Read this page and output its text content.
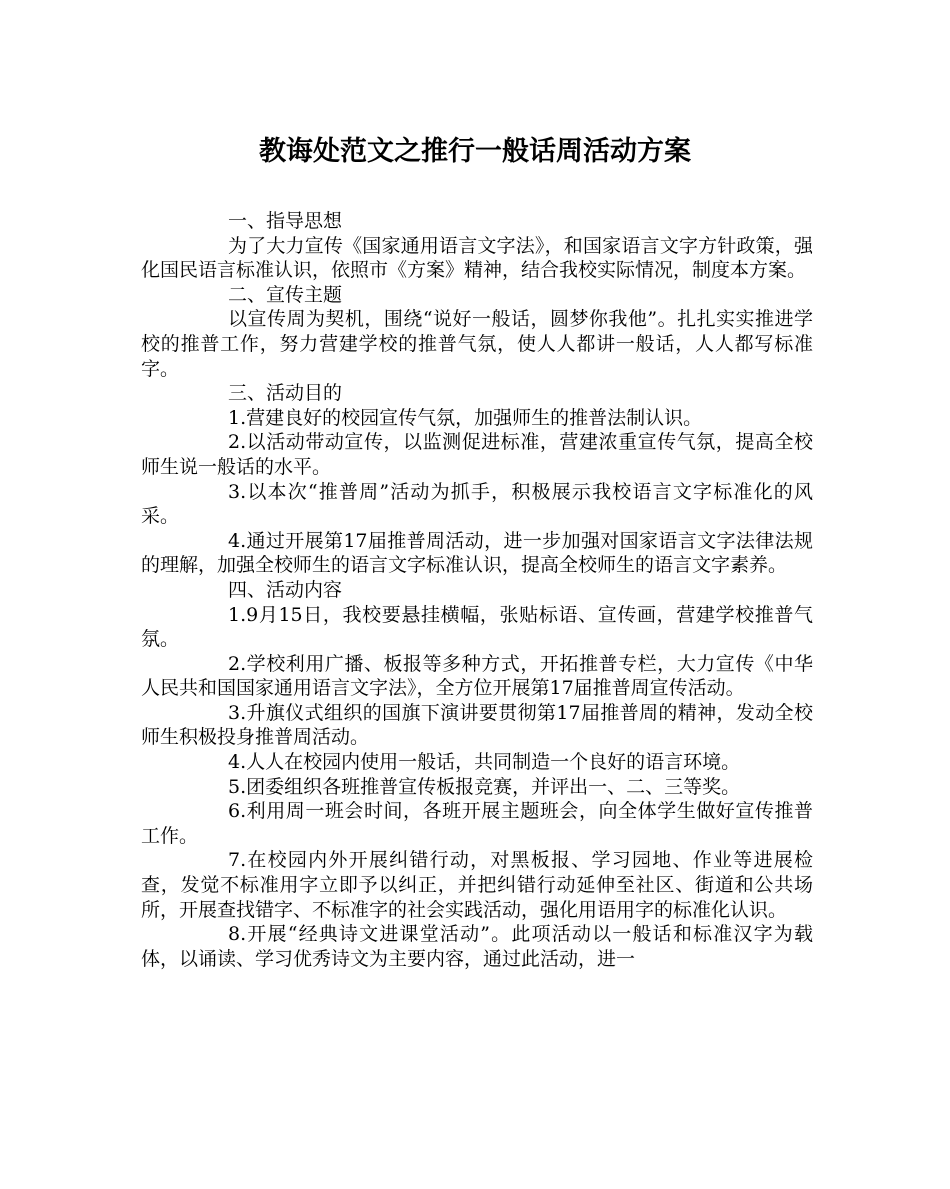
教诲处范文之推行一般话周活动方案

一、指导思想

为了大力宣传《国家通用语言文字法》，和国家语言文字方针政策，强化国民语言标准认识，依照市《方案》精神，结合我校实际情况，制度本方案。

二、宣传主题

以宣传周为契机，围绕“说好一般话，圆梦你我他”。扎扎实实推进学校的推普工作，努力营建学校的推普气氛，使人人都讲一般话，人人都写标准字。

三、活动目的

1.营建良好的校园宣传气氛，加强师生的推普法制认识。

2.以活动带动宣传，以监测促进标准，营建浓重宣传气氛，提高全校师生说一般话的水平。

3.以本次“推普周”活动为抓手，积极展示我校语言文字标准化的风采。

4.通过开展第17届推普周活动，进一步加强对国家语言文字法律法规的理解，加强全校师生的语言文字标准认识，提高全校师生的语言文字素养。

四、活动内容

1.9月15日，我校要悬挂横幅，张贴标语、宣传画，营建学校推普气氛。

2.学校利用广播、板报等多种方式，开拓推普专栏，大力宣传《中华人民共和国国家通用语言文字法》，全方位开展第17届推普周宣传活动。

3.升旗仪式组织的国旗下演讲要贯彻第17届推普周的精神，发动全校师生积极投身推普周活动。

4.人人在校园内使用一般话，共同制造一个良好的语言环境。

5.团委组织各班推普宣传板报竞赛，并评出一、二、三等奖。

6.利用周一班会时间，各班开展主题班会，向全体学生做好宣传推普工作。

7.在校园内外开展纠错行动，对黑板报、学习园地、作业等进展检查，发觉不标准用字立即予以纠正，并把纠错行动延伸至社区、街道和公共场所，开展查找错字、不标准字的社会实践活动，强化用语用字的标准化认识。

8.开展“经典诗文进课堂活动”。此项活动以一般话和标准汉字为载体，以诵读、学习优秀诗文为主要内容，通过此活动，进一
